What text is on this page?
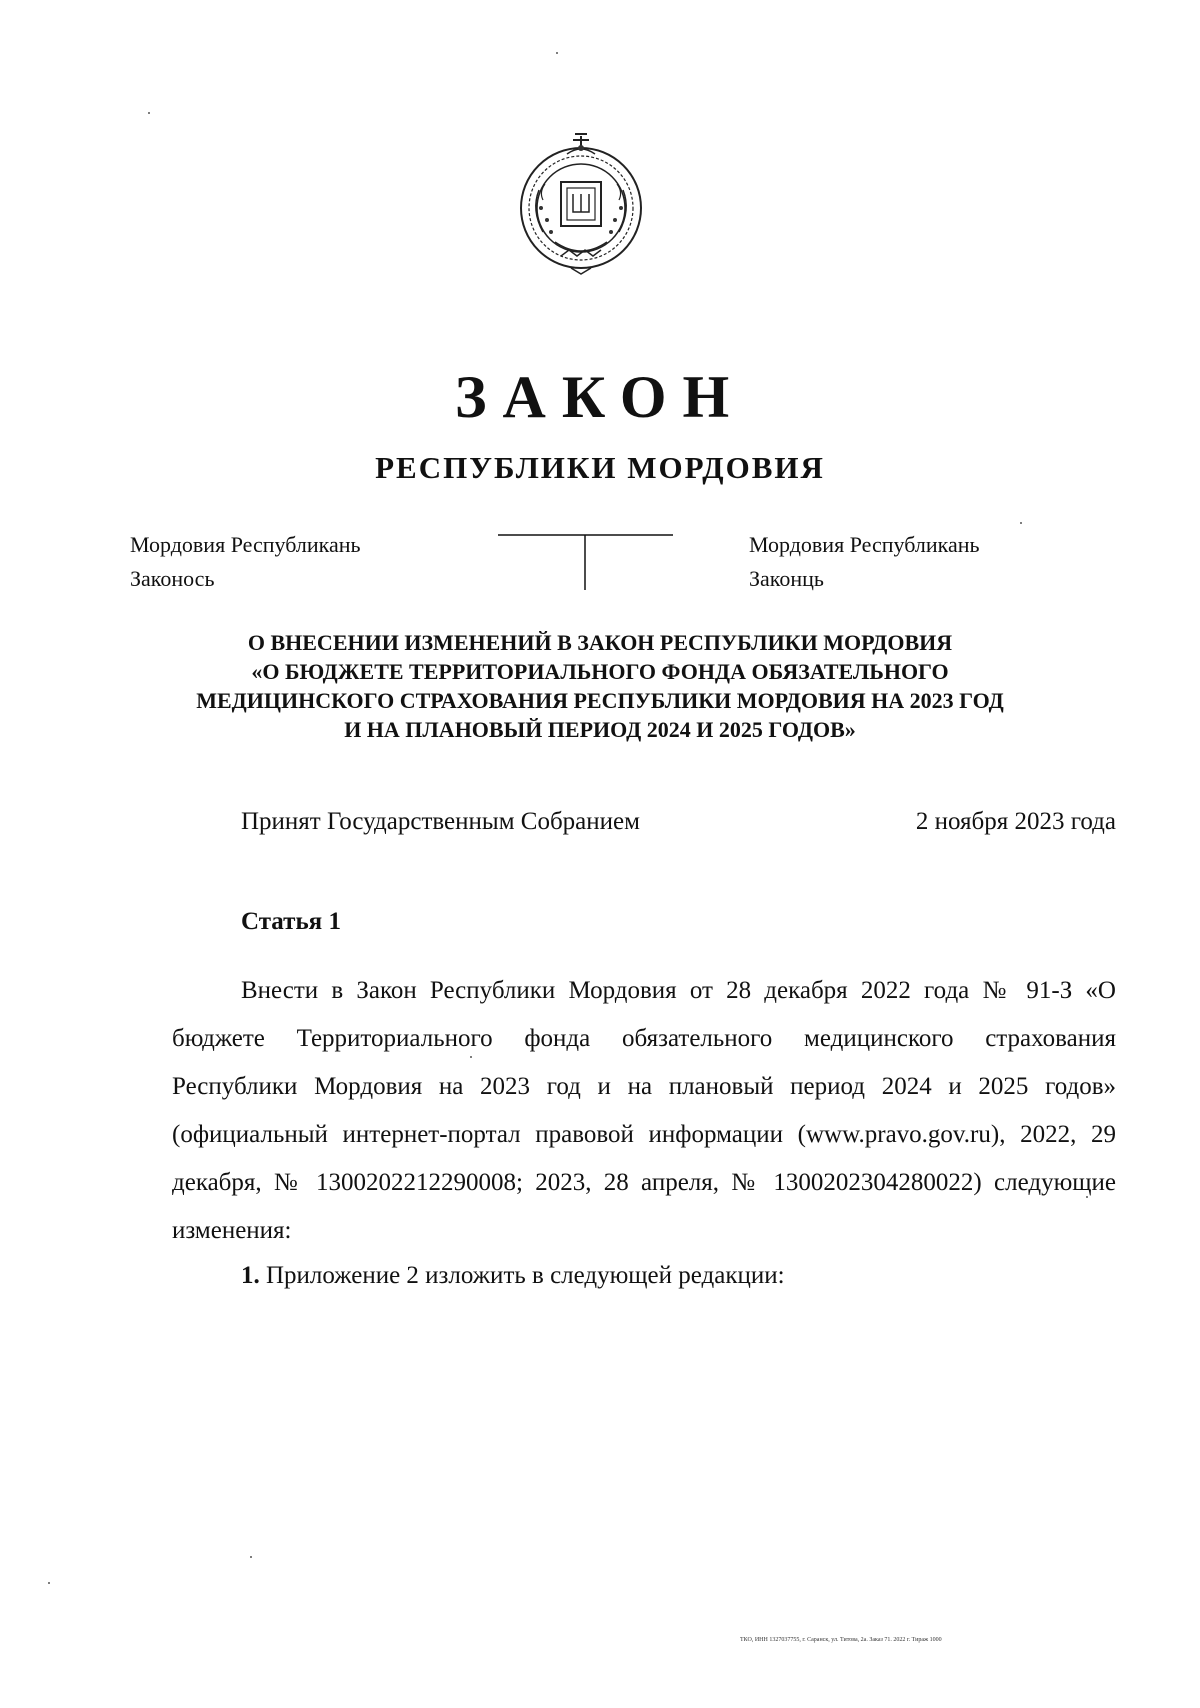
ЗАКОН
РЕСПУБЛИКИ МОРДОВИЯ
Мордовия Республикань
Законось
Мордовия Республикань
Законць
О ВНЕСЕНИИ ИЗМЕНЕНИЙ В ЗАКОН РЕСПУБЛИКИ МОРДОВИЯ
«О БЮДЖЕТЕ ТЕРРИТОРИАЛЬНОГО ФОНДА ОБЯЗАТЕЛЬНОГО
МЕДИЦИНСКОГО СТРАХОВАНИЯ РЕСПУБЛИКИ МОРДОВИЯ НА 2023 ГОД
И НА ПЛАНОВЫЙ ПЕРИОД 2024 И 2025 ГОДОВ»
Принят Государственным Собранием	2 ноября 2023 года
Статья 1

Внести в Закон Республики Мордовия от 28 декабря 2022 года № 91-З «О бюджете Территориального фонда обязательного медицинского страхования Республики Мордовия на 2023 год и на плановый период 2024 и 2025 годов» (официальный интернет-портал правовой информации (www.pravo.gov.ru), 2022, 29 декабря, № 1300202212290008; 2023, 28 апреля, № 1300202304280022) следующие изменения:

1. Приложение 2 изложить в следующей редакции:
ТКО, ИНН 1327037755, г. Саранск, ул. Титова, 2а. Заказ 71. 2022 г. Тираж 1000
